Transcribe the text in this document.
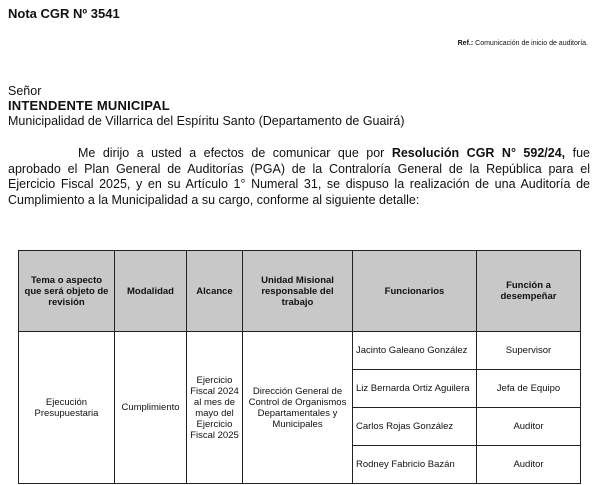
Nota CGR Nº 3541
Ref.: Comunicación de inicio de auditoría.
Señor
INTENDENTE MUNICIPAL
Municipalidad de Villarrica del Espíritu Santo (Departamento de Guairá)
Me dirijo a usted a efectos de comunicar que por Resolución CGR N° 592/24, fue aprobado el Plan General de Auditorías (PGA) de la Contraloría General de la República para el Ejercicio Fiscal 2025, y en su Artículo 1° Numeral 31, se dispuso la realización de una Auditoría de Cumplimiento a la Municipalidad a su cargo, conforme al siguiente detalle:
Tema o aspecto que será objeto de revisión	Modalidad	Alcance	Unidad Misional responsable del trabajo	Funcionarios	Función a desempeñar
Ejecución Presupuestaria	Cumplimiento	Ejercicio Fiscal 2024 al mes de mayo del Ejercicio Fiscal 2025	Dirección General de Control de Organismos Departamentales y Municipales	Jacinto Galeano González	Supervisor
				Liz Bernarda Ortiz Aguilera	Jefa de Equipo
				Carlos Rojas González	Auditor
				Rodney Fabricio Bazán	Auditor
